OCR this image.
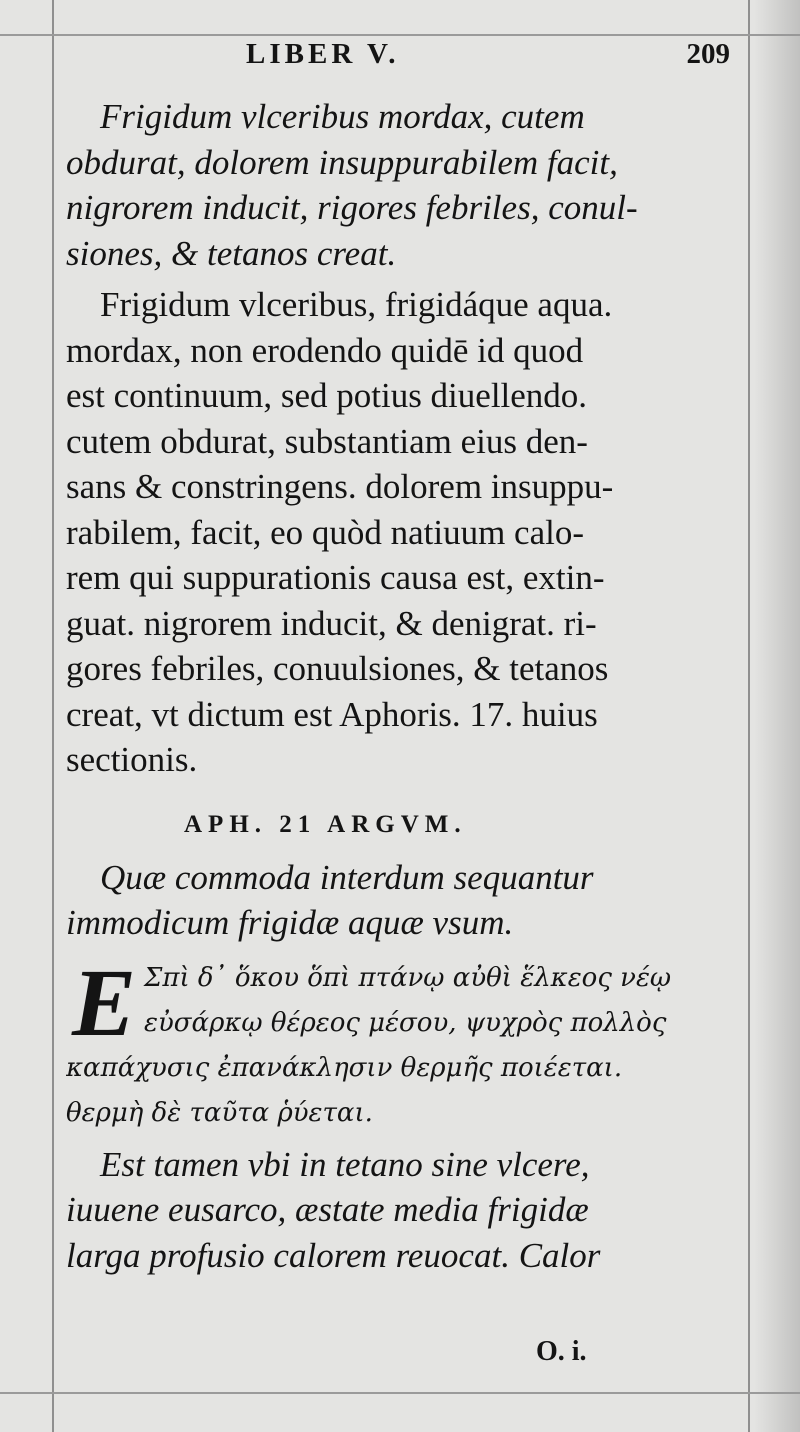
LIBER V.	209

Frigidum vlceribus mordax, cutem
obdurat, dolorem insuppurabilem facit,
nigrorem inducit, rigores febriles, conul-
siones, & tetanos creat.

Frigidum vlceribus, frigidáque aqua.
mordax, non erodendo quidē id quod
est continuum, sed potius diuellendo.
cutem obdurat, substantiam eius den-
sans & constringens. dolorem insuppu-
rabilem, facit, eo quòd natiuum calo-
rem qui suppurationis causa est, extin-
guat. nigrorem inducit, & denigrat. ri-
gores febriles, conuulsiones, & tetanos
creat, vt dictum est Aphoris. 17. huius
sectionis.

APH. 21 ARGVM.

Quæ commoda interdum sequantur
immodicum frigidæ aquæ vsum.

E Σπὶ δ᾽ ὅκου ὅπὶ πτάνῳ αὐθὶ ἕλκεος νέῳ
εὐσάρκῳ θέρεος μέσου, ψυχρὸς πολλὸς
καπάχυσις ἐπανάκλησιν θερμῆς ποιέεται.
θερμὴ δὲ ταῦτα ῥύεται.

Est tamen vbi in tetano sine vlcere,
iuuene eusarco, æstate media frigidæ
larga profusio calorem reuocat. Calor

O. i.
